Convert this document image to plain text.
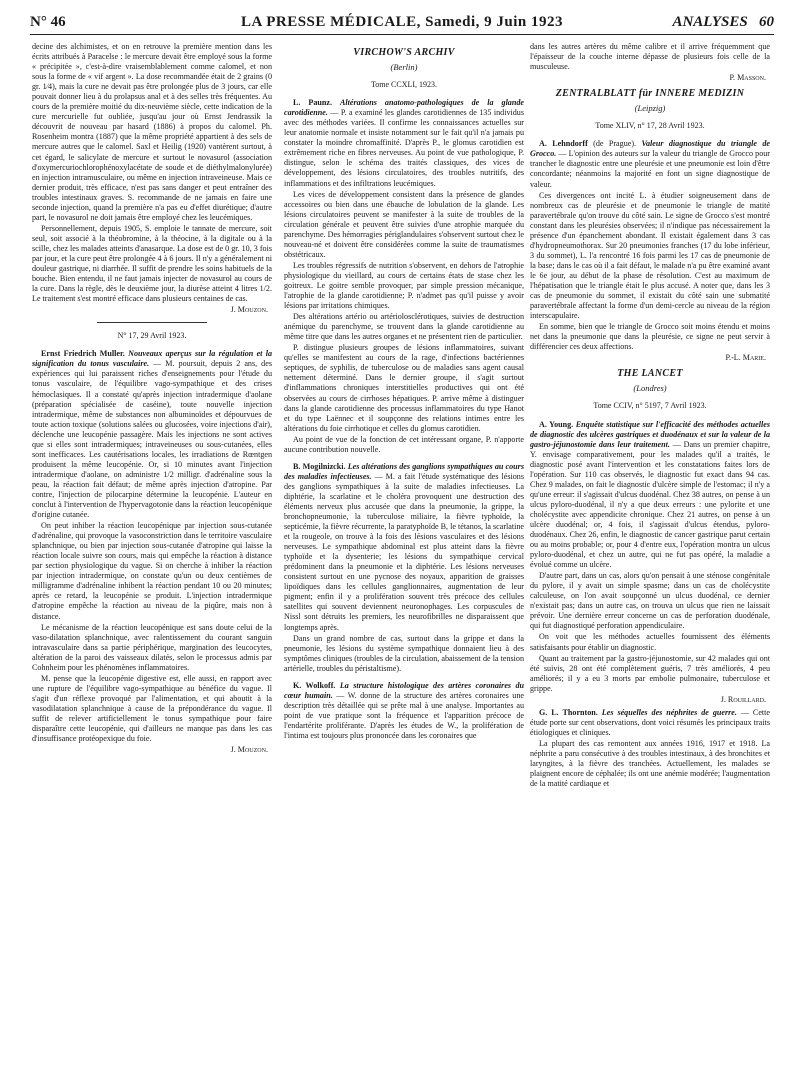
N° 46	LA PRESSE MÉDICALE, Samedi, 9 Juin 1923	ANALYSES 60

decine des alchimistes, et on en retrouve la première mention dans les écrits attribués à Paracelse : le mercure devait être employé sous la forme « précipitée », c'est-à-dire vraisemblablement comme calomel, et non sous la forme de « vif argent ». La dose recommandée était de 2 grains (0 gr. 1⁄4), mais la cure ne devait pas être prolongée plus de 3 jours, car elle pouvait donner lieu à du prolapsus anal et à des selles très fréquentes. Au cours de la première moitié du dix-neuvième siècle, cette indication de la cure mercurielle fut oubliée, jusqu'au jour où Ernst Jendrassik la découvrit de nouveau par hasard (1886) à propos du calomel. Ph. Rosenheim montra (1887) que la même propriété appartient à des sels de mercure autres que le calomel. Saxl et Heilig (1920) vantèrent surtout, à cet égard, le salicylate de mercure et surtout le novasurol (association d'oxymercuriochlorophénoxylacétate de soude et de diéthylmalonylurée) en injection intramusculaire, ou même en injection intraveineuse. Mais ce dernier produit, très efficace, n'est pas sans danger et peut entraîner des troubles intestinaux graves. S. recommande de ne jamais en faire une seconde injection, quand la première n'a pas eu d'effet diurétique; d'autre part, le novasurol ne doit jamais être employé chez les leucémiques.

Personnellement, depuis 1905, S. emploie le tannate de mercure, soit seul, soit associé à la théobromine, à la théocine, à la digitale ou à la scille, chez les malades atteints d'anasarque. La dose est de 0 gr. 10, 3 fois par jour, et la cure peut être prolongée 4 à 6 jours. Il n'y a généralement ni douleur gastrique, ni diarrhée. Il suffit de prendre les soins habituels de la bouche. Bien entendu, il ne faut jamais injecter de novasurol au cours de la cure. Dans la règle, dès le deuxième jour, la diurèse atteint 4 litres 1/2. Le traitement s'est montré efficace dans plusieurs centaines de cas.

J. Mouzon.
N° 17, 29 Avril 1923.

Ernst Friedrich Muller. Nouveaux aperçus sur la régulation et la signification du tonus vasculaire. — M. poursuit, depuis 2 ans, des expériences qui lui paraissent riches d'enseignements pour l'étude du tonus vasculaire, de l'équilibre vago-sympathique et des crises hémoclasiques. Il a constaté qu'après injection intradermique d'aolane (préparation spécialisée de caséine), toute nouvelle injection intradermique, même de substances non albuminoïdes et dépourvues de toute action toxique (solutions salées ou glucosées, voire injections d'air), déclenche une leucopénie passagère. Mais les injections ne sont actives que si elles sont intradermiques; intraveineuses ou sous-cutanées, elles sont inefficaces. Les cautérisations locales, les irradiations de Rœntgen produisent la même leucopénie. Or, si 10 minutes avant l'injection intradermique d'aolane, on administre 1/2 milligr. d'adrénaline sous la peau, la réaction fait défaut; de même après injection d'atropine. Par contre, l'injection de pilocarpine détermine la leucopénie. L'auteur en conclut à l'intervention de l'hypervagotonie dans la réaction leucopénique d'origine cutanée.

On peut inhiber la réaction leucopénique par injection sous-cutanée d'adrénaline, qui provoque la vasoconstriction dans le territoire vasculaire splanchnique, ou bien par injection sous-cutanée d'atropine qui laisse la réaction locale suivre son cours, mais qui empêche la réaction à distance par section physiologique du vague. Si on cherche à inhiber la réaction par injection intradermique, on constate qu'un ou deux centièmes de milligramme d'adrénaline inhibent la réaction pendant 10 ou 20 minutes; après ce retard, la leucopénie se produit. L'injection intradermique d'atropine empêche la réaction au niveau de la piqûre, mais non à distance.

Le mécanisme de la réaction leucopénique est sans doute celui de la vaso-dilatation splanchnique, avec ralentissement du courant sanguin intravasculaire dans sa partie périphérique, margination des leucocytes, altération de la paroi des vaisseaux dilatés, selon le processus admis par Cohnheim pour les phénomènes inflammatoires.

M. pense que la leucopénie digestive est, elle aussi, en rapport avec une rupture de l'équilibre vago-sympathique au bénéfice du vague. Il s'agit d'un réflexe provoqué par l'alimentation, et qui aboutit à la vasodilatation splanchnique à cause de la prépondérance du vague. Il suffit de relever artificiellement le tonus sympathique pour faire disparaître cette leucopénie, qui d'ailleurs ne manque pas dans les cas d'insuffisance protéopexique du foie.

J. Mouzon.
VIRCHOW'S ARCHIV
(Berlin)
Tome CCXLI, 1923.

L. Paunz. Altérations anatomo-pathologiques de la glande carotidienne. — P. a examiné les glandes carotidiennes de 135 individus avec des méthodes variées. Il confirme les connaissances actuelles sur leur anatomie normale et insiste notamment sur le fait qu'il n'a jamais pu constater la moindre chromaffinité. D'après P., le glomus carotidien est extrêmement riche en fibres nerveuses. Au point de vue pathologique, P. distingue, selon le schéma des traités classiques, des vices de développement, des lésions circulatoires, des troubles nutritifs, des inflammations et des infiltrations leucémiques.

Les vices de développement consistent dans la présence de glandes accessoires ou bien dans une ébauche de lobulation de la glande. Les lésions circulatoires peuvent se manifester à la suite de troubles de la circulation générale et peuvent être suivies d'une atrophie marquée du parenchyme. Des hémorragies périglandulaires s'observent surtout chez le nouveau-né et doivent être considérées comme la suite de traumatismes obstétricaux.

Les troubles régressifs de nutrition s'observent, en dehors de l'atrophie physiologique du vieillard, au cours de certains états de stase chez les goitreux. Le goitre semble provoquer, par simple pression mécanique, l'atrophie de la glande carotidienne; P. n'admet pas qu'il puisse y avoir lésions par irritations chimiques.

Des altérations artério ou artériolosclérotiques, suivies de destruction anémique du parenchyme, se trouvent dans la glande carotidienne au même titre que dans les autres organes et ne présentent rien de particulier.

P. distingue plusieurs groupes de lésions inflammatoires, suivant qu'elles se manifestent au cours de la rage, d'infections bactériennes septiques, de syphilis, de tuberculose ou de maladies sans agent causal nettement déterminé. Dans le dernier groupe, il s'agit surtout d'inflammations chroniques interstitielles productives qui ont été observées au cours de cirrhoses hépatiques. P. arrive même à distinguer dans la glande carotidienne des processus inflammatoires du type Hanot et du type Laënnec et il soupçonne des relations intimes entre les altérations du foie cirrhotique et celles du glomus carotidien.

Au point de vue de la fonction de cet intéressant organe, P. n'apporte aucune contribution nouvelle.

B. Mogilnizcki. Les altérations des ganglions sympathiques au cours des maladies infectieuses. — M. a fait l'étude systématique des lésions des ganglions sympathiques à la suite de maladies infectieuses. La diphtérie, la scarlatine et le choléra provoquent une destruction des éléments nerveux plus accusée que dans la pneumonie, la grippe, la bronchopneumonie, la tuberculose miliaire, la fièvre typhoïde, la septicémie, la fièvre récurrente, la paratyphoïde B, le tétanos, la scarlatine et la rougeole, on trouve à la fois des lésions vasculaires et des lésions nerveuses. Le sympathique abdominal est plus atteint dans la fièvre typhoïde et la dysenterie; les lésions du sympathique cervical prédominent dans la pneumonie et la diphtérie. Les lésions nerveuses consistent surtout en une pycnose des noyaux, apparition de graisses lipoïdiques dans les cellules ganglionnaires, augmentation de leur pigment; enfin il y a prolifération souvent très précoce des cellules satellites qui souvent deviennent neuronophages. Les corpuscules de Nissl sont détruits les premiers, les neurofibrilles ne disparaissent que longtemps après.

Dans un grand nombre de cas, surtout dans la grippe et dans la pneumonie, les lésions du système sympathique donnaient lieu à des symptômes cliniques (troubles de la circulation, abaissement de la tension artérielle, troubles du péristaltisme).

K. Wolkoff. La structure histologique des artères coronaires du cœur humain. — W. donne de la structure des artères coronaires une description très détaillée qui se prête mal à une analyse. Importantes au point de vue pratique sont la fréquence et l'apparition précoce de l'endartérite proliférante. D'après les études de W., la prolifération de l'intima est toujours plus prononcée dans les coronaires que

dans les autres artères du même calibre et il arrive fréquemment que l'épaisseur de la couche interne dépasse de plusieurs fois celle de la musculeuse.

P. Masson.
ZENTRALBLATT für INNERE MEDIZIN
(Leipzig)
Tome XLIV, n° 17, 28 Avril 1923.

A. Lehndorff (de Prague). Valeur diagnostique du triangle de Grocco. — L'opinion des auteurs sur la valeur du triangle de Grocco pour trancher le diagnostic entre une pleurésie et une pneumonie est loin d'être concordante; néanmoins la majorité en font un signe diagnostique de valeur.

Ces divergences ont incité L. à étudier soigneusement dans de nombreux cas de pleurésie et de pneumonie le triangle de matité paravertébrale qu'on trouve du côté sain. Le signe de Grocco s'est montré constant dans les pleurésies observées; il n'indique pas nécessairement la présence d'un épanchement abondant. Il existait également dans 3 cas d'hydropneumothorax. Sur 20 pneumonies franches (17 du lobe inférieur, 3 du sommet), L. l'a rencontré 16 fois parmi les 17 cas de pneumonie de la base; dans le cas où il a fait défaut, le malade n'a pu être examiné avant le 6e jour, au début de la phase de résolution. C'est au maximum de l'hépatisation que le triangle était le plus accusé. A noter que, dans les 3 cas de pneumonie du sommet, il existait du côté sain une submatité paravertébrale affectant la forme d'un demi-cercle au niveau de la région interscapulaire.

En somme, bien que le triangle de Grocco soit moins étendu et moins net dans la pneumonie que dans la pleurésie, ce signe ne peut servir à différencier ces deux affections.

P.-L. Marie.
THE LANCET
(Londres)
Tome CCIV, n° 5197, 7 Avril 1923.

A. Young. Enquête statistique sur l'efficacité des méthodes actuelles de diagnostic des ulcères gastriques et duodénaux et sur la valeur de la gastro-jéjunostomie dans leur traitement. — Dans un premier chapitre, Y. envisage comparativement, pour les malades qu'il a traités, le diagnostic posé avant l'intervention et les constatations faites lors de l'opération. Sur 110 cas observés, le diagnostic fut exact dans 94 cas. Chez 9 malades, on fait le diagnostic d'ulcère simple de l'estomac; il n'y a qu'une erreur: il s'agissait d'ulcus duodénal. Chez 38 autres, on pense à un ulcus pyloro-duodénal, il n'y a que deux erreurs : une pylorite et une cholécystite avec appendicite chronique. Chez 21 autres, on pense à un ulcère duodénal; or, 4 fois, il s'agissait d'ulcus étendus, pyloro-duodénaux. Chez 26, enfin, le diagnostic de cancer gastrique parut certain ou au moins probable; or, pour 4 d'entre eux, l'opération montra un ulcus pyloro-duodénal, et chez un autre, qui ne fut pas opéré, la maladie a évolué comme un ulcère.

D'autre part, dans un cas, alors qu'on pensait à une sténose congénitale du pylore, il y avait un simple spasme; dans un cas de cholécystite calculeuse, on l'on avait soupçonné un ulcus duodénal, ce dernier n'existait pas; dans un autre cas, on trouva un ulcus que rien ne laissait prévoir. Une dernière erreur concerne un cas de perforation duodénale, qui fut diagnostiqué perforation appendiculaire.

On voit que les méthodes actuelles fournissent des éléments satisfaisants pour établir un diagnostic.

Quant au traitement par la gastro-jéjunostomie, sur 42 malades qui ont été suivis, 28 ont été complètement guéris, 7 très améliorés, 4 peu améliorés; il y a eu 3 morts par embolie pulmonaire, tuberculose et grippe.

J. Rouillard.

G. L. Thornton. Les séquelles des néphrites de guerre. — Cette étude porte sur cent observations, dont voici résumés les principaux traits étiologiques et cliniques.

La plupart des cas remontent aux années 1916, 1917 et 1918. La néphrite a paru consécutive à des troubles intestinaux, à des bronchites et laryngites, à la fièvre des tranchées. Actuellement, les malades se plaignent encore de céphalée; ils ont une anémie modérée; l'augmentation de la matité cardiaque et
